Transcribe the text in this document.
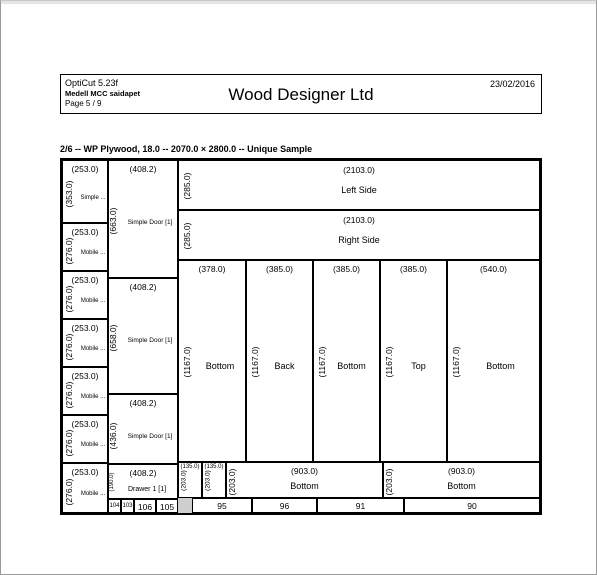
OptiCut 5.23f
Medell MCC saidapet
Page 5 / 9	Wood Designer Ltd
23/02/2016
2/6 -- WP Plywood, 18.0 -- 2070.0 × 2800.0 -- Unique Sample
(253.0)
(353.0) Simple ...
(253.0)
(276.0)	Mobile ...
(253.0)
(276.0)	Mobile ...
(253.0)
(276.0)	Mobile ...
(253.0)
(276.0)	Mobile ...
(253.0)
(276.0)	Mobile ...
(253.0)
(276.0)	Mobile ...
(408.2)
(663.0)	Simple Door [1]
(408.2)
(658.0)	Simple Door [1]
(408.2)
(436.0)	Simple Door [1]
(408.2)
(190.0)	Drawer 1 [1]
(2103.0)
(285.0)	Left Side
(2103.0)
(285.0)	Right Side
(378.0)
(1167.0)	Bottom
(385.0)
(1167.0)	Back
(385.0)
(1167.0)	Bottom
(385.0)
(1167.0)	Top
(540.0)
(1167.0)	Bottom
(135.0)
(203.0)
(135.0)
(203.0)	(903.0)
(203.0)	Bottom
(903.0)
(203.0)	Bottom
104 103 106 105	95	96	91	90
